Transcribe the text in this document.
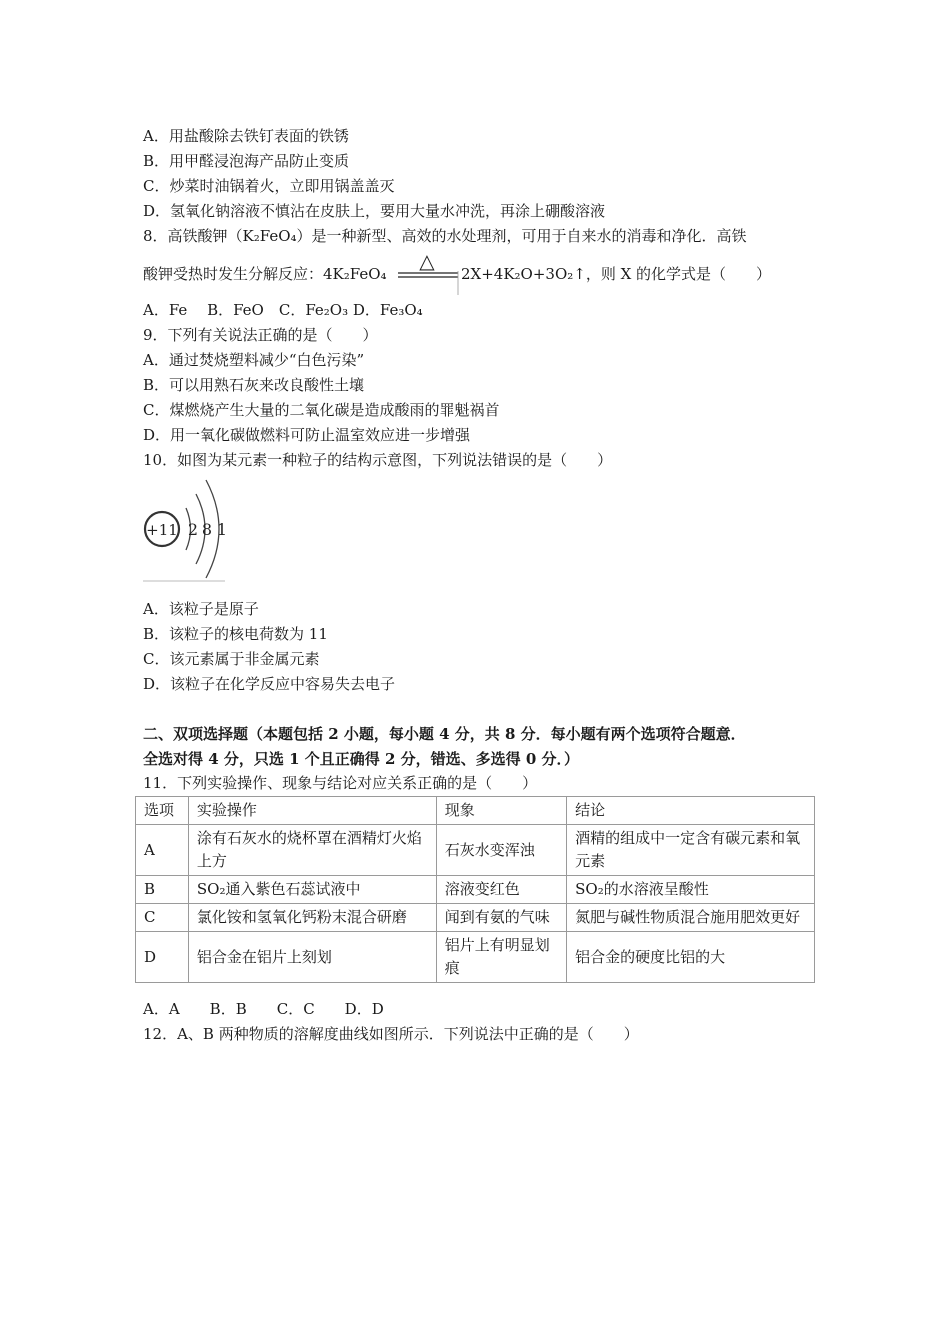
A．用盐酸除去铁钉表面的铁锈
B．用甲醛浸泡海产品防止变质
C．炒菜时油锅着火，立即用锅盖盖灭
D．氢氧化钠溶液不慎沾在皮肤上，要用大量水冲洗，再涂上硼酸溶液
8．高铁酸钾（K₂FeO₄）是一种新型、高效的水处理剂，可用于自来水的消毒和净化．高铁
酸钾受热时发生分解反应：4K₂FeO₄
△
2X+4K₂O+3O₂↑，则 X 的化学式是（　　）
A．Fe　 B．FeO　C．Fe₂O₃ D．Fe₃O₄
9．下列有关说法正确的是（　　）
A．通过焚烧塑料减少“白色污染”
B．可以用熟石灰来改良酸性土壤
C．煤燃烧产生大量的二氧化碳是造成酸雨的罪魁祸首
D．用一氧化碳做燃料可防止温室效应进一步增强
10．如图为某元素一种粒子的结构示意图，下列说法错误的是（　　）
+11 2 8 1
A．该粒子是原子
B．该粒子的核电荷数为 11
C．该元素属于非金属元素
D．该粒子在化学反应中容易失去电子
二、双项选择题（本题包括 2 小题，每小题 4 分，共 8 分．每小题有两个选项符合题意．
全选对得 4 分，只选 1 个且正确得 2 分，错选、多选得 0 分．）
11．下列实验操作、现象与结论对应关系正确的是（　　）
选项	实验操作	现象	结论
A	涂有石灰水的烧杯罩在酒精灯火焰上方	石灰水变浑浊	酒精的组成中一定含有碳元素和氧元素
B	SO₂通入紫色石蕊试液中	溶液变红色	SO₂的水溶液呈酸性
C	氯化铵和氢氧化钙粉末混合研磨	闻到有氨的气味	氮肥与碱性物质混合施用肥效更好
D	铝合金在铝片上刻划	铝片上有明显划痕	铝合金的硬度比铝的大
A．A　　B．B　　C．C　　D．D
12．A、B 两种物质的溶解度曲线如图所示．下列说法中正确的是（　　）
